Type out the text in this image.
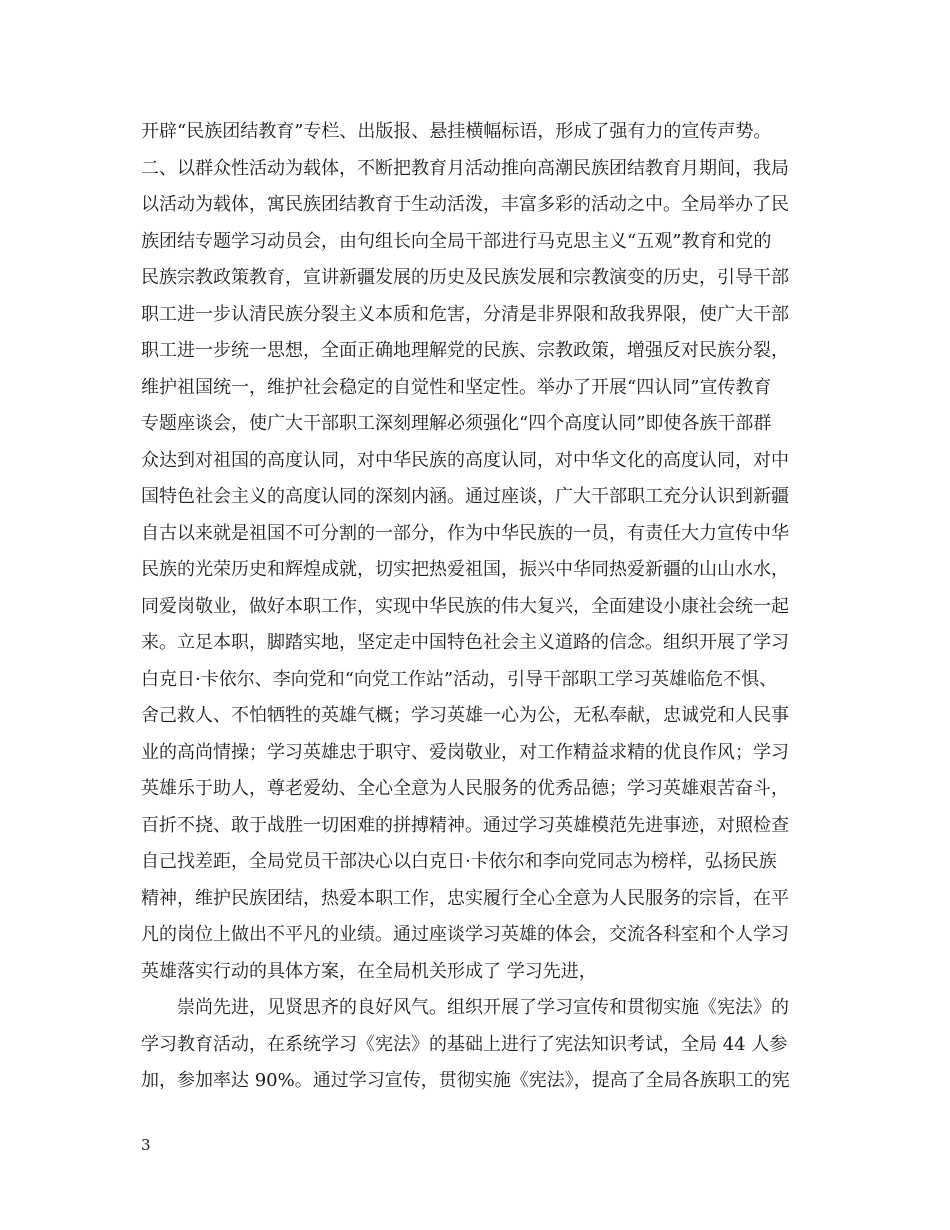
开辟“民族团结教育”专栏、出版报、悬挂横幅标语，形成了强有力的宣传声势。
二、以群众性活动为载体，不断把教育月活动推向高潮民族团结教育月期间，我局
以活动为载体，寓民族团结教育于生动活泼，丰富多彩的活动之中。全局举办了民
族团结专题学习动员会，由句组长向全局干部进行马克思主义“五观”教育和党的
民族宗教政策教育，宣讲新疆发展的历史及民族发展和宗教演变的历史，引导干部
职工进一步认清民族分裂主义本质和危害，分清是非界限和敌我界限，使广大干部
职工进一步统一思想，全面正确地理解党的民族、宗教政策，增强反对民族分裂，
维护祖国统一，维护社会稳定的自觉性和坚定性。举办了开展“四认同”宣传教育
专题座谈会，使广大干部职工深刻理解必须强化“四个高度认同”即使各族干部群
众达到对祖国的高度认同，对中华民族的高度认同，对中华文化的高度认同，对中
国特色社会主义的高度认同的深刻内涵。通过座谈，广大干部职工充分认识到新疆
自古以来就是祖国不可分割的一部分，作为中华民族的一员，有责任大力宣传中华
民族的光荣历史和辉煌成就，切实把热爱祖国，振兴中华同热爱新疆的山山水水，
同爱岗敬业，做好本职工作，实现中华民族的伟大复兴，全面建设小康社会统一起
来。立足本职，脚踏实地，坚定走中国特色社会主义道路的信念。组织开展了学习
白克日·卡依尔、李向党和“向党工作站”活动，引导干部职工学习英雄临危不惧、
舍己救人、不怕牺牲的英雄气概；学习英雄一心为公，无私奉献，忠诚党和人民事
业的高尚情操；学习英雄忠于职守、爱岗敬业，对工作精益求精的优良作风；学习
英雄乐于助人，尊老爱幼、全心全意为人民服务的优秀品德；学习英雄艰苦奋斗，
百折不挠、敢于战胜一切困难的拼搏精神。通过学习英雄模范先进事迹，对照检查
自己找差距，全局党员干部决心以白克日·卡依尔和李向党同志为榜样，弘扬民族
精神，维护民族团结，热爱本职工作，忠实履行全心全意为人民服务的宗旨，在平
凡的岗位上做出不平凡的业绩。通过座谈学习英雄的体会，交流各科室和个人学习
英雄落实行动的具体方案，在全局机关形成了 学习先进，
崇尚先进，见贤思齐的良好风气。组织开展了学习宣传和贯彻实施《宪法》的
学习教育活动，在系统学习《宪法》的基础上进行了宪法知识考试，全局 44 人参
加，参加率达 90%。通过学习宣传，贯彻实施《宪法》，提高了全局各族职工的宪
3
